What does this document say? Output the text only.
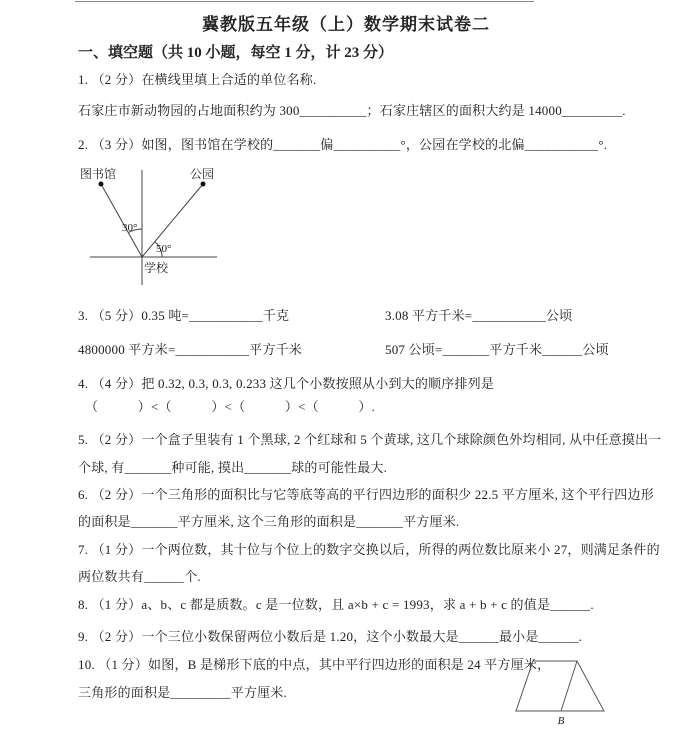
冀教版五年级（上）数学期末试卷二
一、填空题（共 10 小题，每空 1 分，计 23 分）
1. （2 分）在横线里填上合适的单位名称.
石家庄市新动物园的占地面积约为 300__________；石家庄辖区的面积大约是 14000_________.
2. （3 分）如图，图书馆在学校的_______偏__________°，公园在学校的北偏___________°.
图书馆	公园
学校
30°
50°
3. （5 分）0.35 吨=___________千克	3.08 平方千米=___________公顷
4800000 平方米=___________平方千米	507 公顷=_______平方千米______公顷
4. （4 分）把 0.32, 0.3, 0.3, 0.233 这几个小数按照从小到大的顺序排列是
（　　　）<（　　　）<（　　　）<（　　　）.
5. （2 分）一个盒子里装有 1 个黑球, 2 个红球和 5 个黄球, 这几个球除颜色外均相同, 从中任意摸出一
个球, 有_______种可能, 摸出_______球的可能性最大.
6. （2 分）一个三角形的面积比与它等底等高的平行四边形的面积少 22.5 平方厘米, 这个平行四边形
的面积是_______平方厘米, 这个三角形的面积是_______平方厘米.
7. （1 分）一个两位数，其十位与个位上的数字交换以后，所得的两位数比原来小 27，则满足条件的
两位数共有______个.
8. （1 分）a、b、c 都是质数。c 是一位数，且 a×b + c = 1993，求 a + b + c 的值是______.
9. （2 分）一个三位小数保留两位小数后是 1.20，这个小数最大是______最小是______.
10. （1 分）如图，B 是梯形下底的中点，其中平行四边形的面积是 24 平方厘米，
三角形的面积是_________平方厘米.
B
